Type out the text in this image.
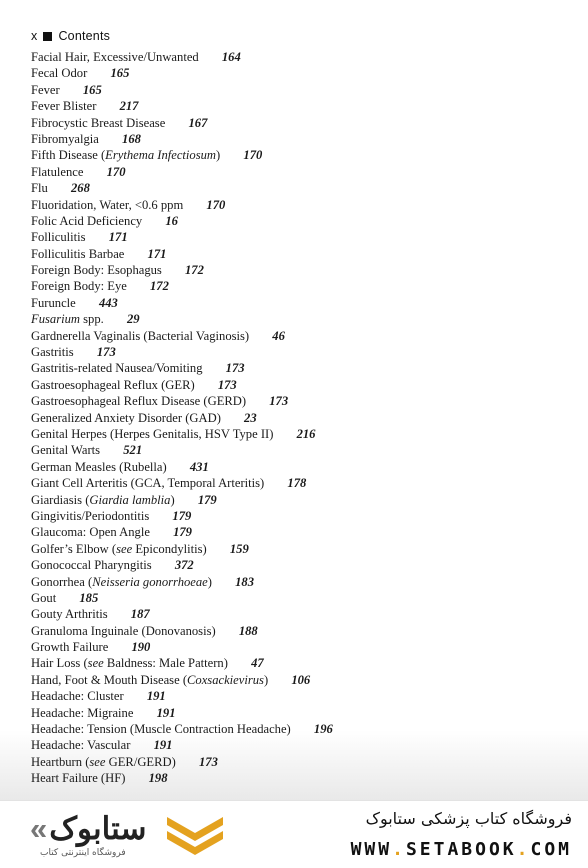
x Contents
Facial Hair, Excessive/Unwanted 164
Fecal Odor 165
Fever 165
Fever Blister 217
Fibrocystic Breast Disease 167
Fibromyalgia 168
Fifth Disease (Erythema Infectiosum) 170
Flatulence 170
Flu 268
Fluoridation, Water, <0.6 ppm 170
Folic Acid Deficiency 16
Folliculitis 171
Folliculitis Barbae 171
Foreign Body: Esophagus 172
Foreign Body: Eye 172
Furuncle 443
Fusarium spp. 29
Gardnerella Vaginalis (Bacterial Vaginosis) 46
Gastritis 173
Gastritis-related Nausea/Vomiting 173
Gastroesophageal Reflux (GER) 173
Gastroesophageal Reflux Disease (GERD) 173
Generalized Anxiety Disorder (GAD) 23
Genital Herpes (Herpes Genitalis, HSV Type II) 216
Genital Warts 521
German Measles (Rubella) 431
Giant Cell Arteritis (GCA, Temporal Arteritis) 178
Giardiasis (Giardia lamblia) 179
Gingivitis/Periodontitis 179
Glaucoma: Open Angle 179
Golfer’s Elbow (see Epicondylitis) 159
Gonococcal Pharyngitis 372
Gonorrhea (Neisseria gonorrhoeae) 183
Gout 185
Gouty Arthritis 187
Granuloma Inguinale (Donovanosis) 188
Growth Failure 190
Hair Loss (see Baldness: Male Pattern) 47
Hand, Foot & Mouth Disease (Coxsackievirus) 106
Headache: Cluster 191
Headache: Migraine 191
Headache: Tension (Muscle Contraction Headache) 196
Headache: Vascular 191
Heartburn (see GER/GERD) 173
Heart Failure (HF) 198
«ستابوک
فروشگاه اینترنتی کتاب
فروشگاه کتاب پزشکی ستابوک
WWW.SETABOOK.COM
